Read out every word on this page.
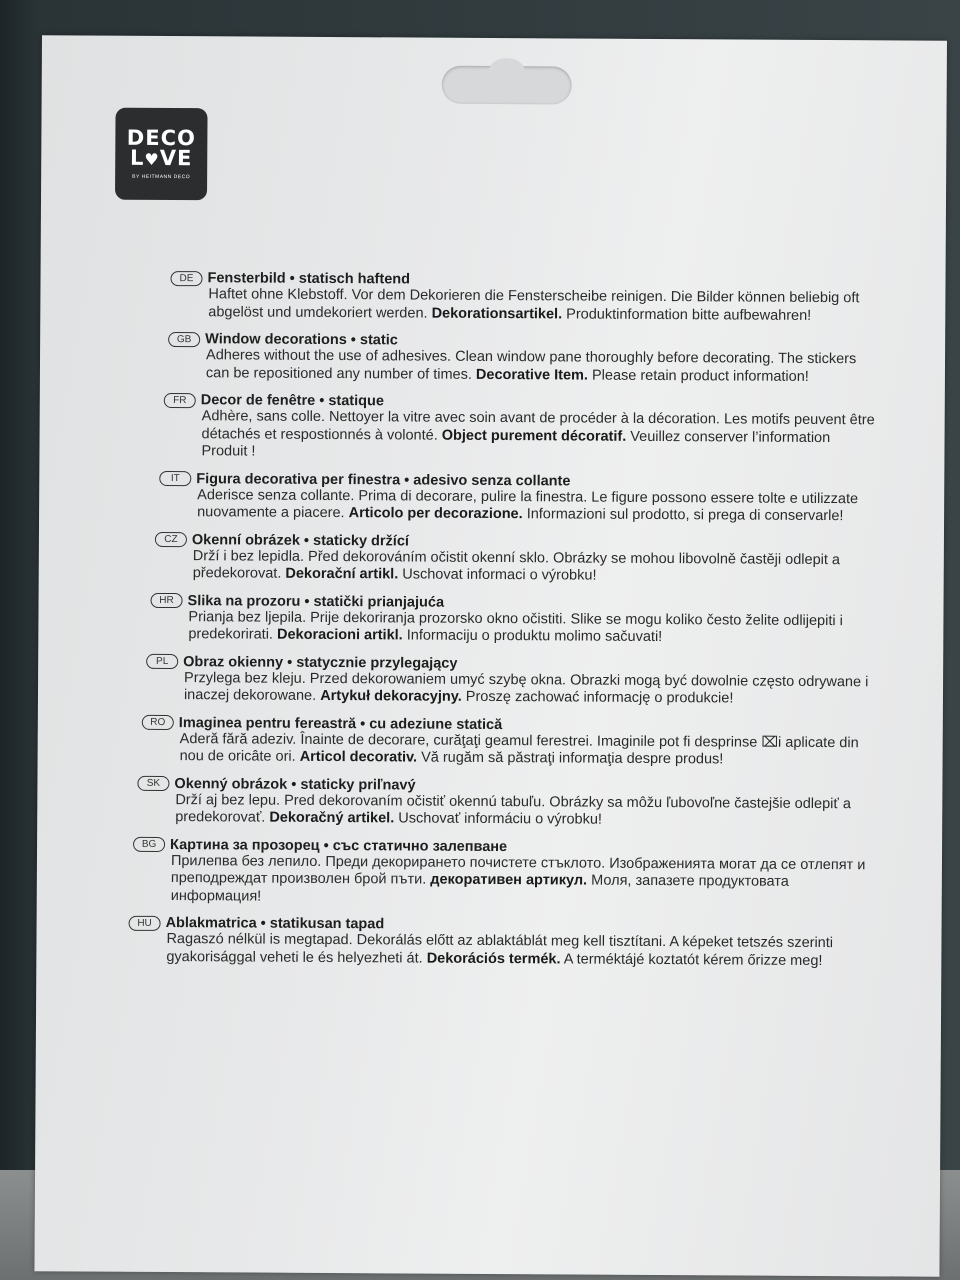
DECO
L♥VE
BY HEITMANN DECO
DE Fensterbild • statisch haftend
Haftet ohne Klebstoff. Vor dem Dekorieren die Fensterscheibe reinigen. Die Bilder können beliebig oft abgelöst und umdekoriert werden. Dekorationsartikel. Produktinformation bitte aufbewahren!
GB Window decorations • static
Adheres without the use of adhesives. Clean window pane thoroughly before decorating. The stickers can be repositioned any number of times. Decorative Item. Please retain product information!
FR Decor de fenêtre • statique
Adhère, sans colle. Nettoyer la vitre avec soin avant de procéder à la décoration. Les motifs peuvent être détachés et respostionnés à volonté. Object purement décoratif. Veuillez conserver l’information Produit !
IT	Figura decorativa per finestra • adesivo senza collante
Aderisce senza collante. Prima di decorare, pulire la finestra. Le figure possono essere tolte e utilizzate nuovamente a piacere. Articolo per decorazione. Informazioni sul prodotto, si prega di conservarle!
CZ Okenní obrázek • staticky držící
Drží i bez lepidla. Před dekorováním očistit okenní sklo. Obrázky se mohou libovolně častěji odlepit a předekorovat. Dekorační artikl. Uschovat informaci o výrobku!
HR Slika na prozoru • statički prianjajuća
Prianja bez ljepila. Prije dekoriranja prozorsko okno očistiti. Slike se mogu koliko često želite odlijepiti i predekorirati. Dekoracioni artikl. Informaciju o produktu molimo sačuvati!
PL	Obraz okienny • statycznie przylegający
Przylega bez kleju. Przed dekorowaniem umyć szybę okna. Obrazki mogą być dowolnie często odrywane i inaczej dekorowane. Artykuł dekoracyjny. Proszę zachować informację o produkcie!
RO Imaginea pentru fereastră • cu adeziune statică
Aderă fără adeziv. Înainte de decorare, curăţaţi geamul ferestrei. Imaginile pot fi desprinse ⌧i aplicate din nou de oricâte ori. Articol decorativ. Vă rugăm să păstraţi informaţia despre produs!
SK Okenný obrázok • staticky priľnavý
Drží aj bez lepu. Pred dekorovaním očistiť okennú tabuľu. Obrázky sa môžu ľubovoľne častejšie odlepiť a predekorovať. Dekoračný artikel. Uschovať informáciu o výrobku!
BG Картина за прозорец • със статично залепване
Прилепва без лепило. Преди декорирането почистете стъклото. Изображенията могат да се отлепят и преподреждат произволен брой пъти. декоративен артикул. Моля, запазете продуктовата информация!
HU Ablakmatrica • statikusan tapad
Ragaszó nélkül is megtapad. Dekorálás előtt az ablaktáblát meg kell tisztítani. A képeket tetszés szerinti gyakorisággal veheti le és helyezheti át. Dekorációs termék. A terméktájé koztatót kérem őrizze meg!
